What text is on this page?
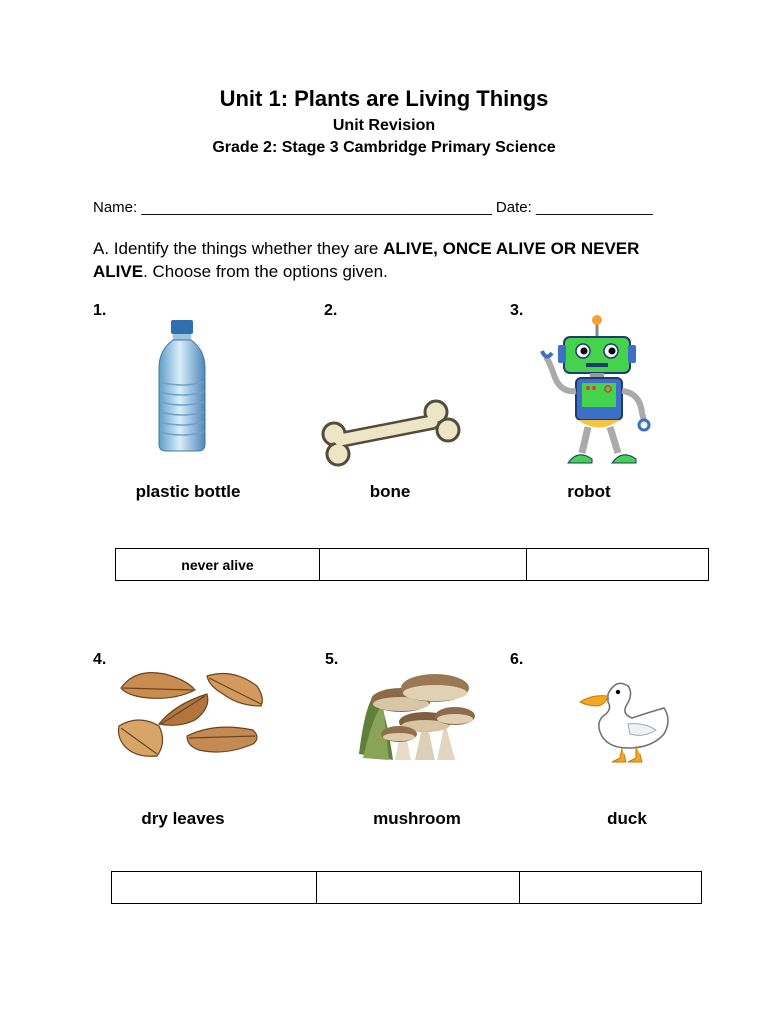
Unit 1: Plants are Living Things
Unit Revision
Grade 2: Stage 3 Cambridge Primary Science
Name: __________________________________________ Date: ______________
A. Identify the things whether they are ALIVE, ONCE ALIVE OR NEVER ALIVE. Choose from the options given.
1.	2.	3.
plastic bottle	bone	robot
never alive		
4.	5.	6.
dry leaves	mushroom	duck
